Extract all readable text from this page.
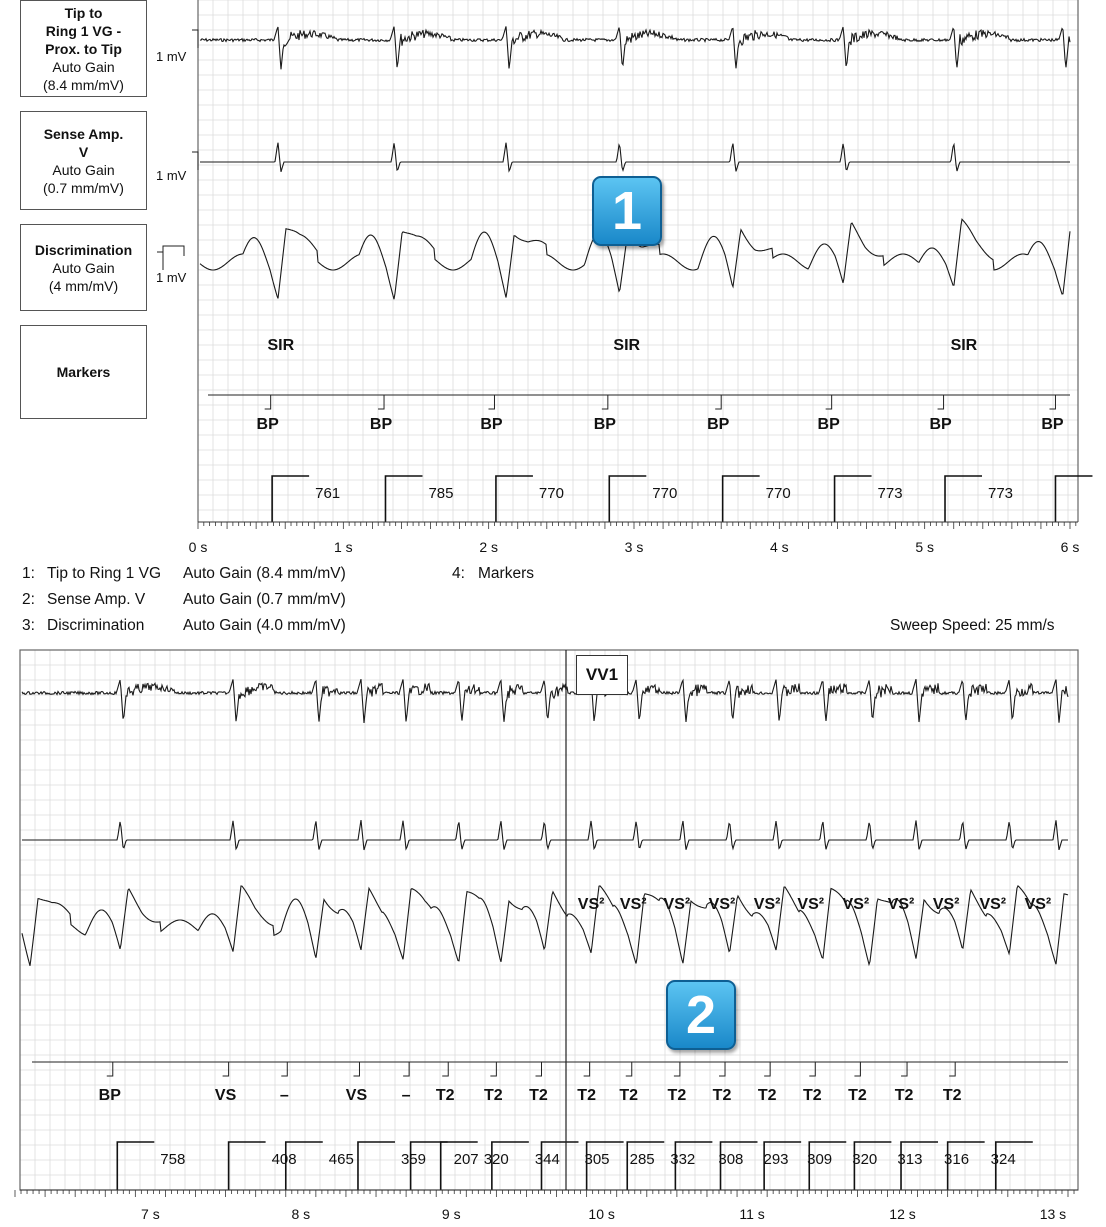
SIR	SIR	SIR
BP	BP	BP	BP	BP	BP	BP	BP
761	785	770	770	770	773	773
0 s	1 s	2 s	3 s	4 s	5 s	6 s
VS² VS² VS² VS² VS² VS² VS² VS² VS² VS² VS²
BP	VS	–	VS – T2 T2 T2 T2 T2 T2 T2 T2 T2 T2 T2 T2
758	408 465	359 207 320 344 305 285 332 308 293 309 320 313 316 324
7 s	8 s	9 s	10 s	11 s	12 s	13 s
Tip to
Ring 1 VG -
Prox. to Tip
Auto Gain
(8.4 mm/mV)
Sense Amp.
V
Auto Gain
(0.7 mm/mV)
Discrimination
Auto Gain
(4 mm/mV)
Markers
1 mV
1 mV
1 mV
1: Tip to Ring 1 VG Auto Gain (8.4 mm/mV)
2: Sense Amp. V Auto Gain (0.7 mm/mV)
3: Discrimination Auto Gain (4.0 mm/mV)
4: Markers
Sweep Speed: 25 mm/s
1
2
VV1
